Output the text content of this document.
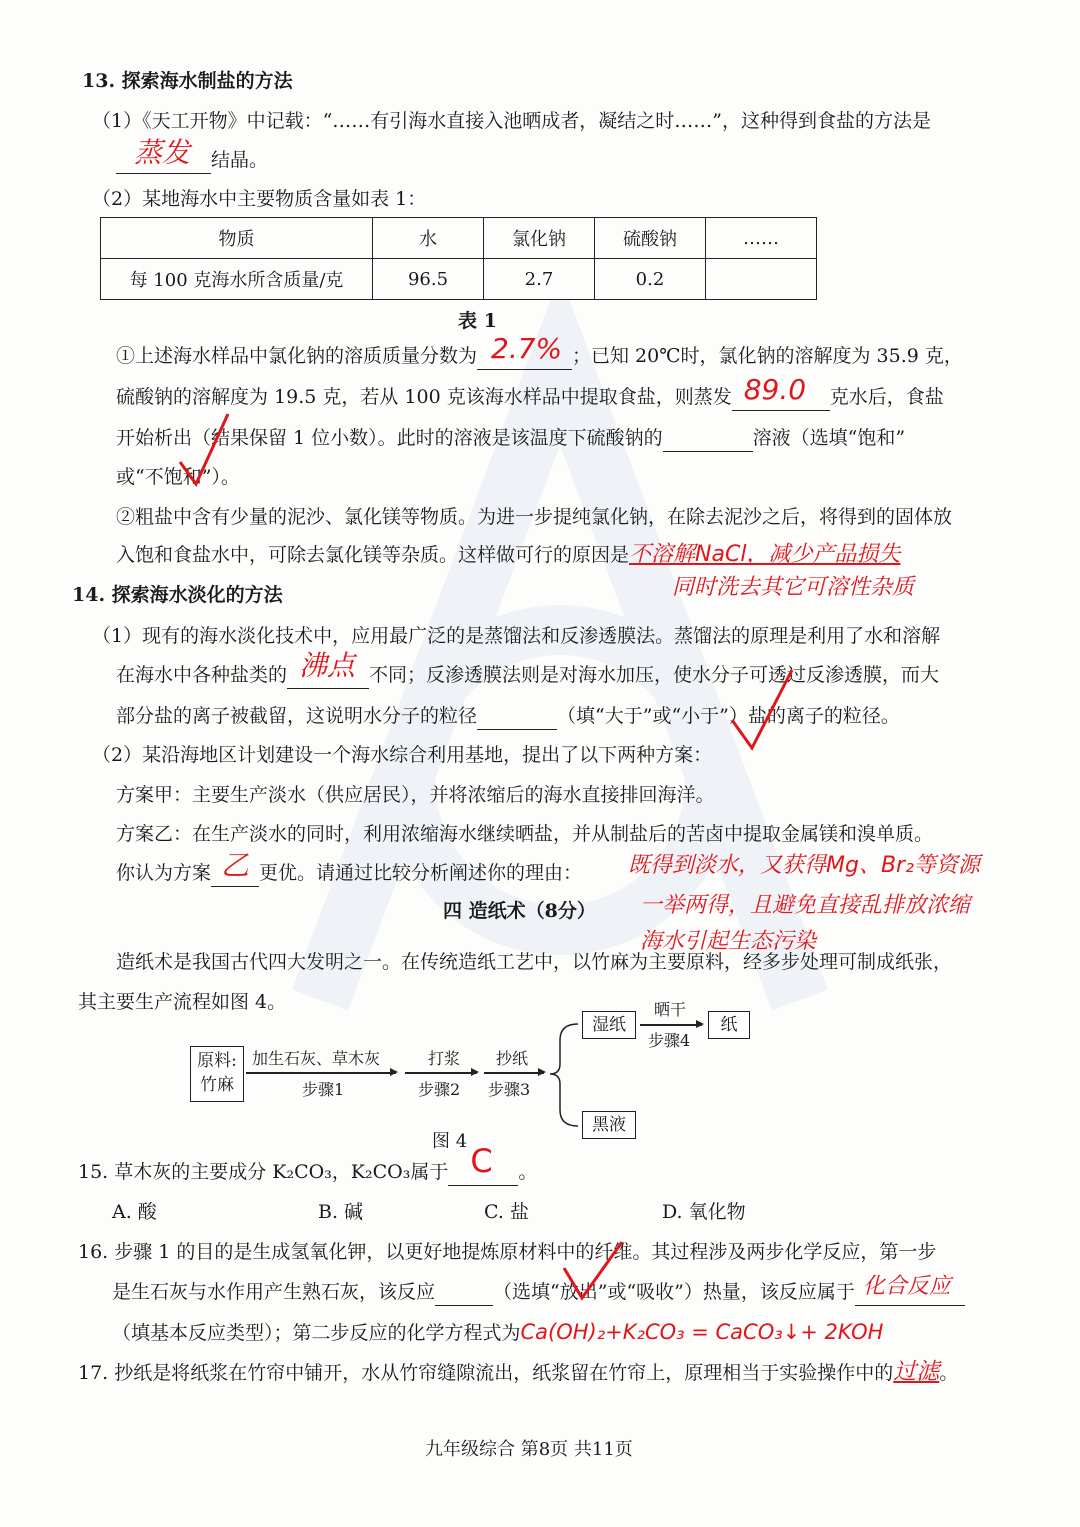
13. 探索海水制盐的方法
（1）《天工开物》中记载：“……有引海水直接入池晒成者，凝结之时……”，这种得到食盐的方法是
蒸发 结晶。
（2）某地海水中主要物质含量如表 1：
物质	水	氯化钠	硫酸钠	……
每 100 克海水所含质量/克	96.5	2.7	0.2	
表 1
①上述海水样品中氯化钠的溶质质量分数为 2.7% ；已知 20℃时，氯化钠的溶解度为 35.9 克，
硫酸钠的溶解度为 19.5 克，若从 100 克该海水样品中提取食盐，则蒸发 89.0 克水后，食盐
开始析出（结果保留 1 位小数）。此时的溶液是该温度下硫酸钠的	溶液（选填“饱和”
或“不饱和”）。
②粗盐中含有少量的泥沙、氯化镁等物质。为进一步提纯氯化钠，在除去泥沙之后，将得到的固体放
入饱和食盐水中，可除去氯化镁等杂质。这样做可行的原因是不溶解NaCl，减少产品损失
同时洗去其它可溶性杂质
14. 探索海水淡化的方法
（1）现有的海水淡化技术中，应用最广泛的是蒸馏法和反渗透膜法。蒸馏法的原理是利用了水和溶解
在海水中各种盐类的 沸点 不同；反渗透膜法则是对海水加压，使水分子可透过反渗透膜，而大
部分盐的离子被截留，这说明水分子的粒径	（填“大于”或“小于”）盐的离子的粒径。
（2）某沿海地区计划建设一个海水综合利用基地，提出了以下两种方案：
方案甲：主要生产淡水（供应居民），并将浓缩后的海水直接排回海洋。
方案乙：在生产淡水的同时，利用浓缩海水继续晒盐，并从制盐后的苦卤中提取金属镁和溴单质。
你认为方案 乙 更优。请通过比较分析阐述你的理由： 既得到淡水，又获得Mg、Br₂等资源
一举两得，且避免直接乱排放浓缩
海水引起生态污染
四 造纸术（8分）
造纸术是我国古代四大发明之一。在传统造纸工艺中，以竹麻为主要原料，经多步处理可制成纸张，
其主要生产流程如图 4。
原料:
竹麻
加生石灰、草木灰
步骤1
打浆
步骤2
抄纸
步骤3
湿纸
晒干
步骤4
纸
黑液
图 4
15. 草木灰的主要成分 K₂CO₃，K₂CO₃属于 C 。
A. 酸	B. 碱	C. 盐	D. 氧化物
16. 步骤 1 的目的是生成氢氧化钾，以更好地提炼原材料中的纤维。其过程涉及两步化学反应，第一步
是生石灰与水作用产生熟石灰，该反应	（选填“放出”或“吸收”）热量，该反应属于 化合反应
（填基本反应类型）；第二步反应的化学方程式为Ca(OH)₂+K₂CO₃ = CaCO₃↓+ 2KOH
17. 抄纸是将纸浆在竹帘中铺开，水从竹帘缝隙流出，纸浆留在竹帘上，原理相当于实验操作中的过滤。
九年级综合 第8页 共11页
